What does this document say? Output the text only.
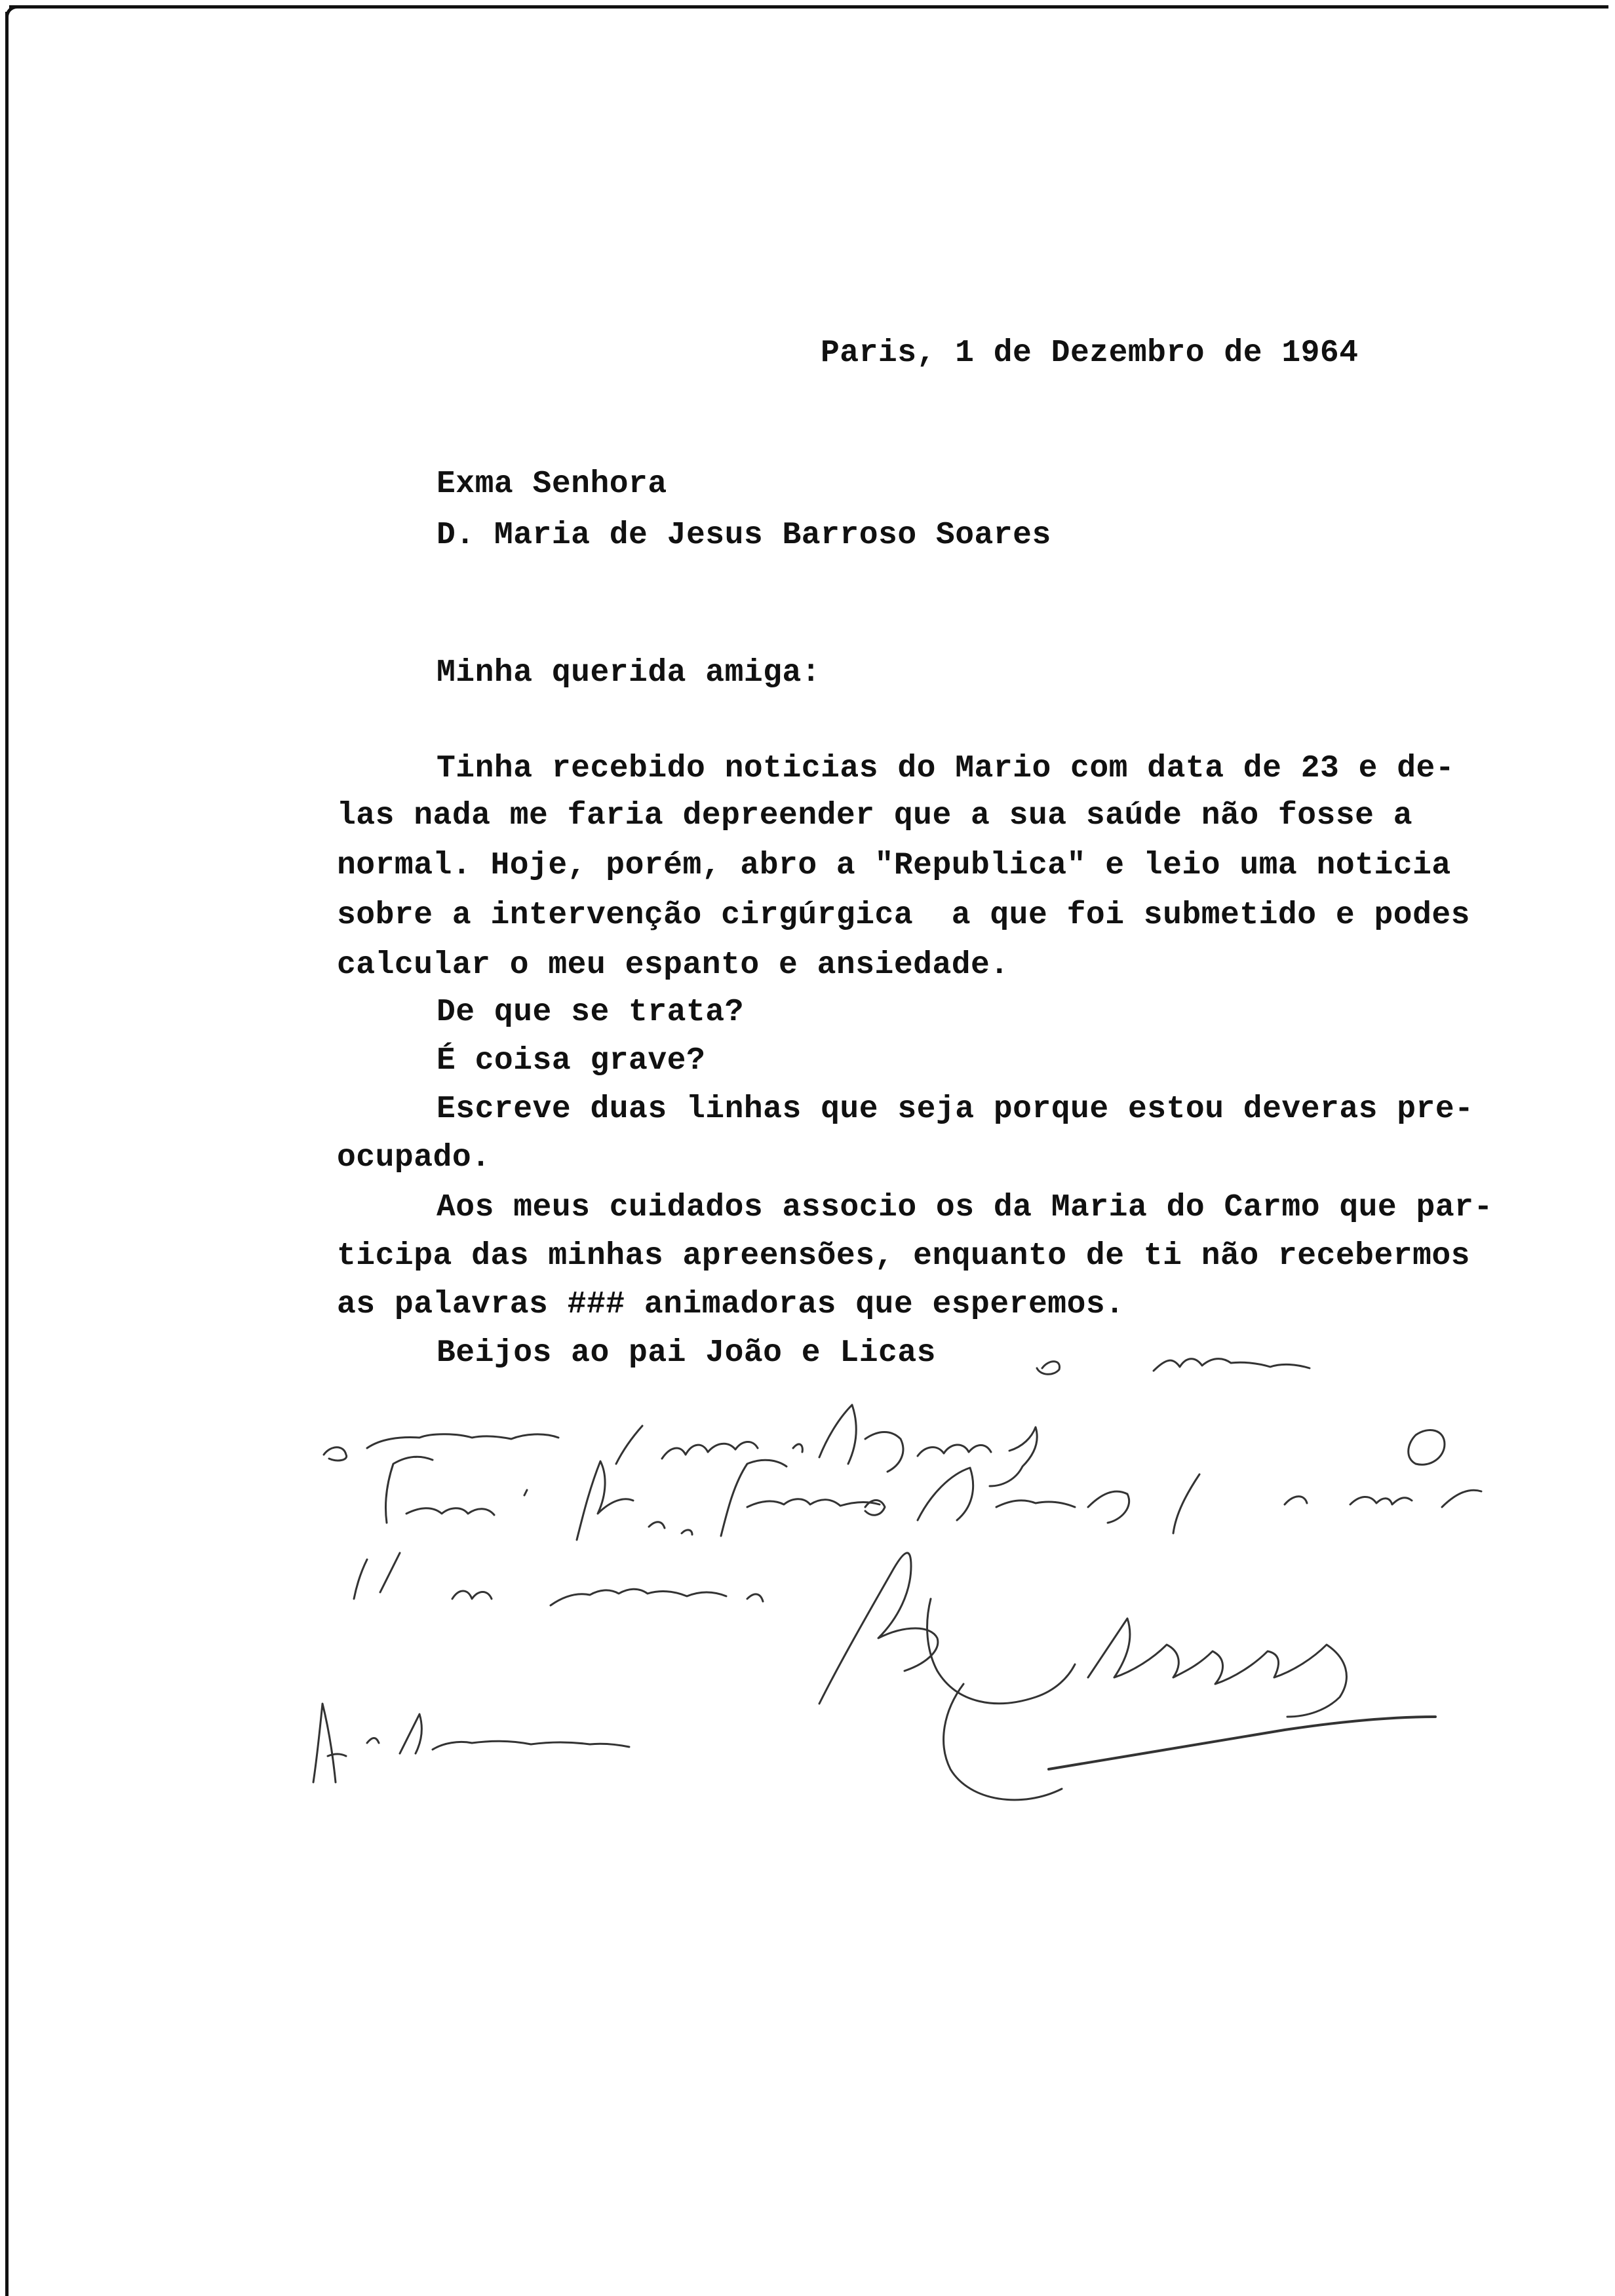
Paris, 1 de Dezembro de 1964
Exma Senhora
D. Maria de Jesus Barroso Soares
Minha querida amiga:
Tinha recebido noticias do Mario com data de 23 e de-
las nada me faria depreender que a sua saúde não fosse a
normal. Hoje, porém, abro a "Republica" e leio uma noticia
sobre a intervenção cirgúrgica  a que foi submetido e podes
calcular o meu espanto e ansiedade.
De que se trata?
É coisa grave?
Escreve duas linhas que seja porque estou deveras pre-
ocupado.
Aos meus cuidados associo os da Maria do Carmo que par-
ticipa das minhas apreensões, enquanto de ti não recebermos
as palavras ### animadoras que esperemos.
Beijos ao pai João e Licas
